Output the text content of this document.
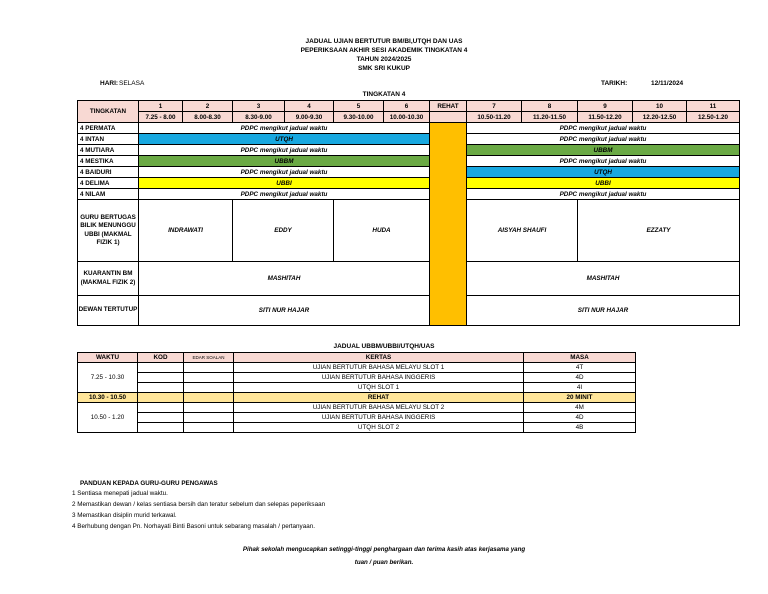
JADUAL UJIAN BERTUTUR BM/BI,UTQH DAN UAS
PEPERIKSAAN AKHIR SESI AKADEMIK TINGKATAN 4
TAHUN 2024/2025
SMK SRI KUKUP
HARI: SELASA	TARIKH:	12/11/2024
TINGKATAN 4
TINGKATAN	1	2	3	4	5	6	REHAT	7	8	9	10	11
	7.25 - 8.00	8.00-8.30	8.30-9.00	9.00-9.30	9.30-10.00	10.00-10.30		10.50-11.20	11.20-11.50	11.50-12.20	12.20-12.50	12.50-1.20
4 PERMATA	PDPC mengikut jadual waktu							PDPC mengikut jadual waktu				
4 INTAN	UTQH							PDPC mengikut jadual waktu				
4 MUTIARA	PDPC mengikut jadual waktu							UBBM				
4 MESTIKA	UBBM							PDPC mengikut jadual waktu				
4 BAIDURI	PDPC mengikut jadual waktu							UTQH				
4 DELIMA	UBBI							UBBI				
4 NILAM	PDPC mengikut jadual waktu							PDPC mengikut jadual waktu				
GURU BERTUGAS BILIK MENUNGGU UBBI (MAKMAL FIZIK 1)	INDRAWATI		EDDY		HUDA			AISYAH SHAUFI		EZZATY		
KUARANTIN BM (MAKMAL FIZIK 2)	MASHITAH							MASHITAH				
DEWAN TERTUTUP	SITI NUR HAJAR							SITI NUR HAJAR				
JADUAL UBBM/UBBI/UTQH/UAS
WAKTU	KOD	EDAR SOALAN	KERTAS	MASA
7.25 - 10.30			UJIAN BERTUTUR BAHASA MELAYU SLOT 1	4T
			UJIAN BERTUTUR BAHASA INGGERIS	4D
			UTQH SLOT 1	4I
10.30 - 10.50			REHAT	20 MINIT
10.50 - 1.20			UJIAN BERTUTUR BAHASA MELAYU SLOT 2	4M
			UJIAN BERTUTUR BAHASA INGGERIS	4D
			UTQH SLOT 2	4B
PANDUAN KEPADA GURU-GURU PENGAWAS
1 Sentiasa menepati jadual waktu.
2 Memastikan dewan / kelas sentiasa bersih dan teratur sebelum dan selepas peperiksaan
3 Memastikan disiplin murid terkawal.
4 Berhubung dengan Pn. Norhayati Binti Basoni untuk sebarang masalah / pertanyaan.
Pihak sekolah mengucapkan setinggi-tinggi penghargaan dan terima kasih atas kerjasama yang
tuan / puan berikan.
